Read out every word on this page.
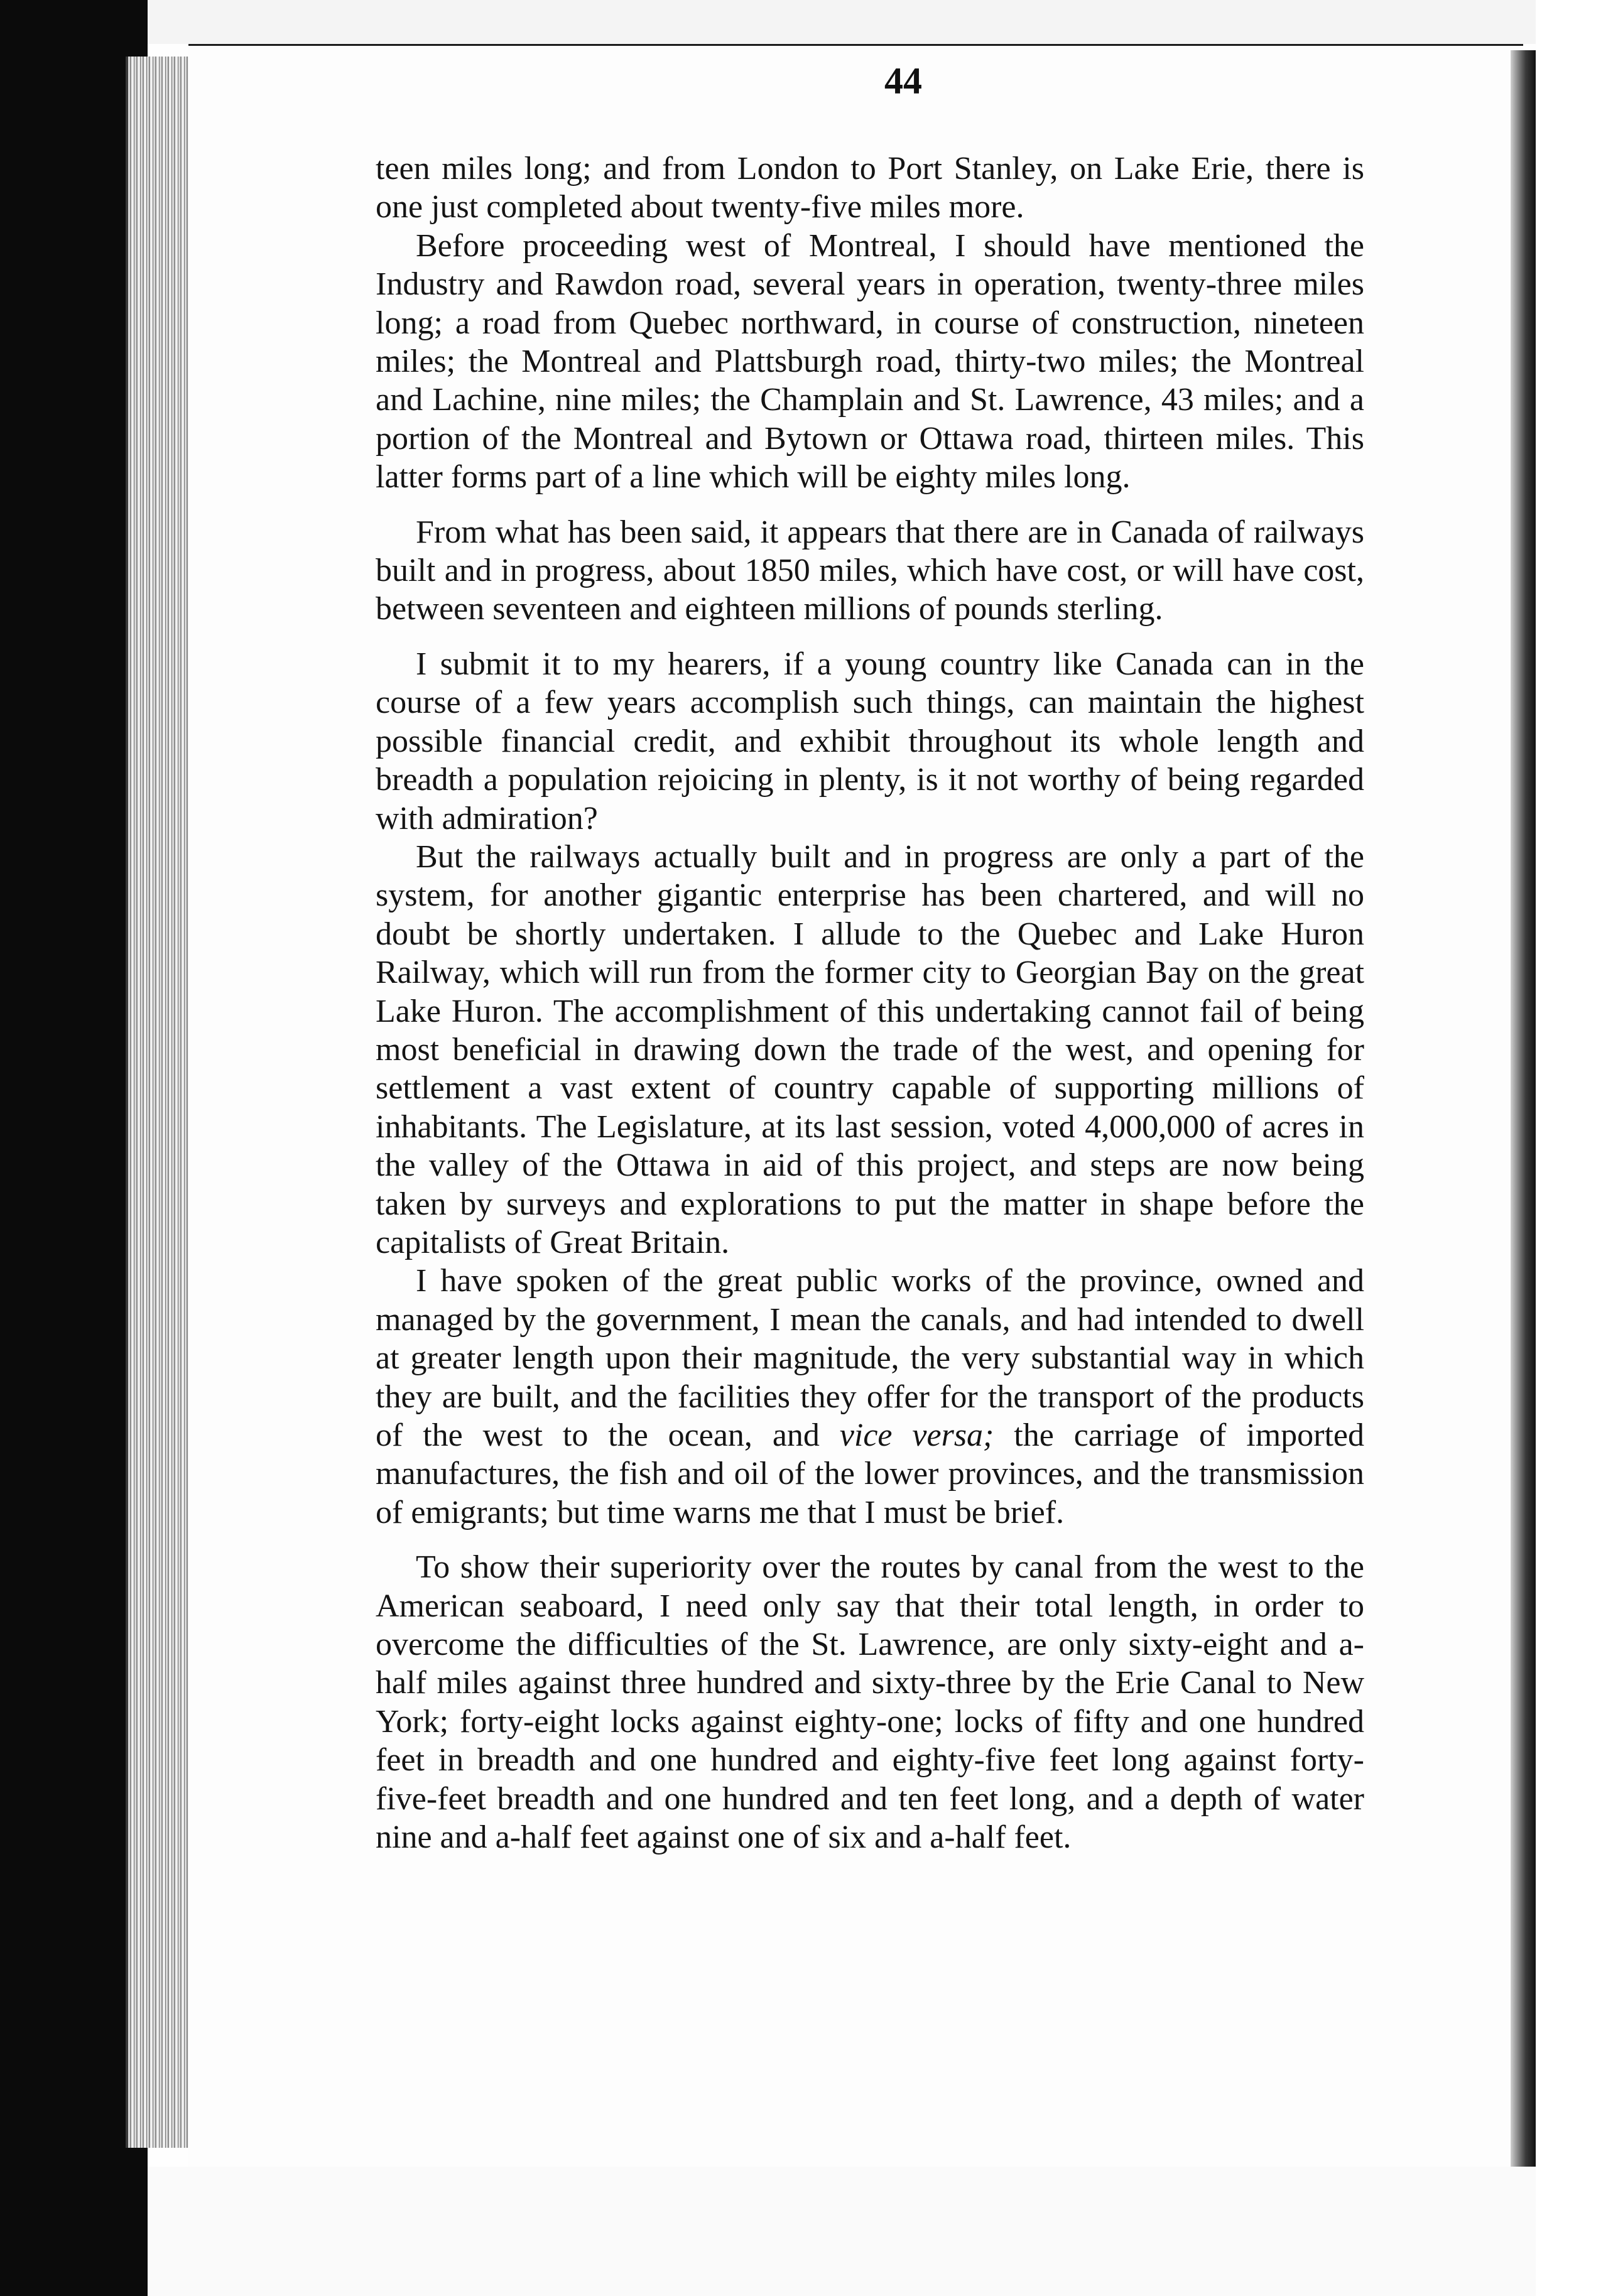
44

teen miles long; and from London to Port Stanley, on Lake Erie, there is one just completed about twenty-five miles more.

Before proceeding west of Montreal, I should have mentioned the Industry and Rawdon road, several years in operation, twenty-three miles long; a road from Quebec northward, in course of construction, nineteen miles; the Montreal and Plattsburgh road, thirty-two miles; the Montreal and Lachine, nine miles; the Champlain and St. Lawrence, 43 miles; and a portion of the Montreal and Bytown or Ottawa road, thirteen miles. This latter forms part of a line which will be eighty miles long.

From what has been said, it appears that there are in Canada of railways built and in progress, about 1850 miles, which have cost, or will have cost, between seventeen and eighteen millions of pounds sterling.

I submit it to my hearers, if a young country like Canada can in the course of a few years accomplish such things, can maintain the highest possible financial credit, and exhibit throughout its whole length and breadth a population rejoicing in plenty, is it not worthy of being regarded with admiration?

But the railways actually built and in progress are only a part of the system, for another gigantic enterprise has been chartered, and will no doubt be shortly undertaken. I allude to the Quebec and Lake Huron Railway, which will run from the former city to Georgian Bay on the great Lake Huron. The accomplishment of this undertaking cannot fail of being most beneficial in drawing down the trade of the west, and opening for settlement a vast extent of country capable of supporting millions of inhabitants. The Legislature, at its last session, voted 4,000,000 of acres in the valley of the Ottawa in aid of this project, and steps are now being taken by surveys and explorations to put the matter in shape before the capitalists of Great Britain.

I have spoken of the great public works of the province, owned and managed by the government, I mean the canals, and had intended to dwell at greater length upon their magnitude, the very substantial way in which they are built, and the facilities they offer for the transport of the products of the west to the ocean, and vice versa; the carriage of imported manufactures, the fish and oil of the lower provinces, and the transmission of emigrants; but time warns me that I must be brief.

To show their superiority over the routes by canal from the west to the American seaboard, I need only say that their total length, in order to overcome the difficulties of the St. Lawrence, are only sixty-eight and a-half miles against three hundred and sixty-three by the Erie Canal to New York; forty-eight locks against eighty-one; locks of fifty and one hundred feet in breadth and one hundred and eighty-five feet long against forty-five-feet breadth and one hundred and ten feet long, and a depth of water nine and a-half feet against one of six and a-half feet.
